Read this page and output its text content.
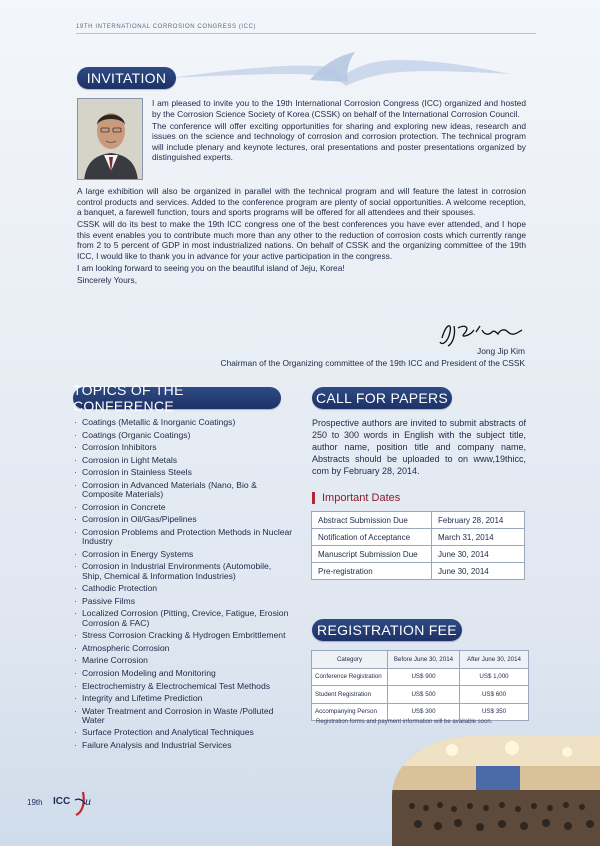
19TH INTERNATIONAL CORROSION CONGRESS (ICC)
INVITATION

I am pleased to invite you to the 19th International Corrosion Congress (ICC) organized and hosted by the Corrosion Science Society of Korea (CSSK) on behalf of the International Corrosion Council.

The conference will offer exciting opportunities for sharing and exploring new ideas, research and issues on the science and technology of corrosion and corrosion protection. The technical program will include plenary and keynote lectures, oral presentations and poster presentations organized by distinguished experts.

A large exhibition will also be organized in parallel with the technical program and will feature the latest in corrosion control products and services. Added to the conference program are plenty of social opportunities. A welcome reception, a banquet, a farewell function, tours and sports programs will be offered for all attendees and their spouses.

CSSK will do its best to make the 19th ICC congress one of the best conferences you have ever attended, and I hope this event enables you to contribute much more than any other to the reduction of corrosion costs which currently range from 2 to 5 percent of GDP in most industrialized nations. On behalf of CSSK and the organizing committee of the 19th ICC, I would like to thank you in advance for your active participation in the congress.

I am looking forward to seeing you on the beautiful island of Jeju, Korea!

Sincerely Yours,

Jong Jip Kim
Chairman of the Organizing committee of the 19th ICC and President of the CSSK
TOPICS OF THE CONFERENCE
· Coatings (Metallic & Inorganic Coatings)
· Coatings (Organic Coatings)
· Corrosion Inhibitors
· Corrosion in Light Metals
· Corrosion in Stainless Steels
· Corrosion in Advanced Materials (Nano, Bio & Composite Materials)
· Corrosion in Concrete
· Corrosion in Oil/Gas/Pipelines
· Corrosion Problems and Protection Methods in Nuclear Industry
· Corrosion in Energy Systems
· Corrosion in Industrial Environments (Automobile, Ship, Chemical & Information Industries)
· Cathodic Protection
· Passive Films
· Localized Corrosion (Pitting, Crevice, Fatigue, Erosion Corrosion & FAC)
· Stress Corrosion Cracking & Hydrogen Embrittlement
· Atmospheric Corrosion
· Marine Corrosion
· Corrosion Modeling and Monitoring
· Electrochemistry & Electrochemical Test Methods
· Integrity and Lifetime Prediction
· Water Treatment and Corrosion in Waste /Polluted Water
· Surface Protection and Analytical Techniques
· Failure Analysis and Industrial Services
CALL FOR PAPERS
Prospective authors are invited to submit abstracts of 250 to 300 words in English with the subject title, author name, position title and company name, Abstracts should be uploaded to on www,19thicc, com by February 28, 2014.
Important Dates
Abstract Submission Due	February 28, 2014
Notification of Acceptance	March 31, 2014
Manuscript Submission Due	June 30, 2014
Pre-registration	June 30, 2014
REGISTRATION FEE
Category	Before June 30, 2014	After June 30, 2014
Conference Registration	US$ 900	US$ 1,000
Student Registration	US$ 500	US$ 600
Accompanying Person	US$ 300	US$ 350
Registration forms and payment information will be available soon.
19th ICC u
